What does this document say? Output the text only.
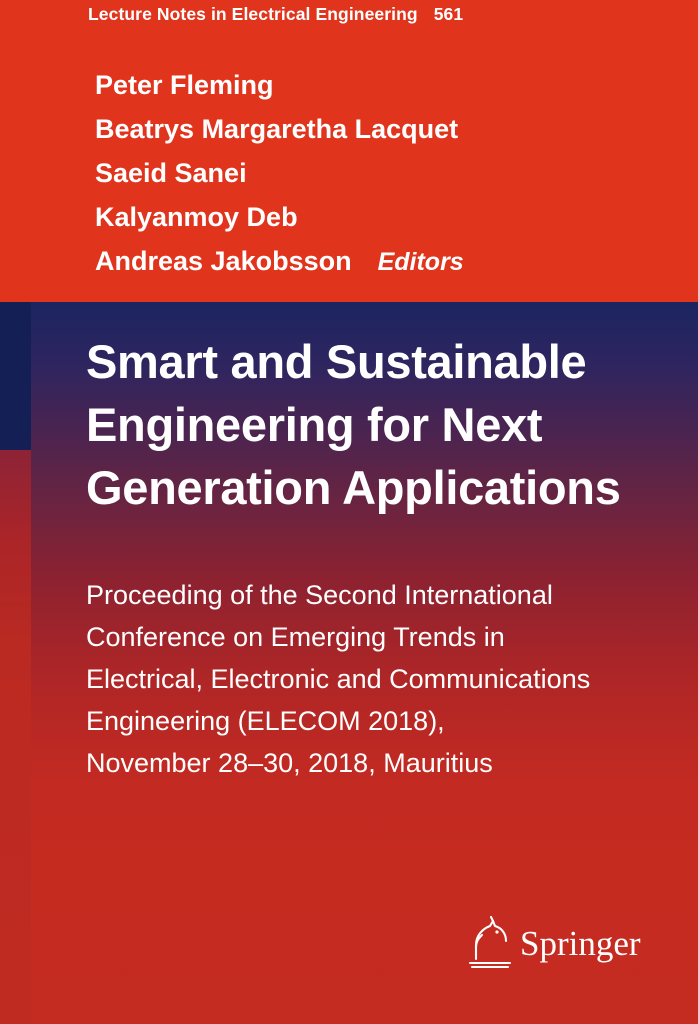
Lecture Notes in Electrical Engineering 561
Peter Fleming
Beatrys Margaretha Lacquet
Saeid Sanei
Kalyanmoy Deb
Andreas Jakobsson Editors
Smart and Sustainable
Engineering for Next
Generation Applications
Proceeding of the Second International
Conference on Emerging Trends in
Electrical, Electronic and Communications
Engineering (ELECOM 2018),
November 28–30, 2018, Mauritius
Springer
